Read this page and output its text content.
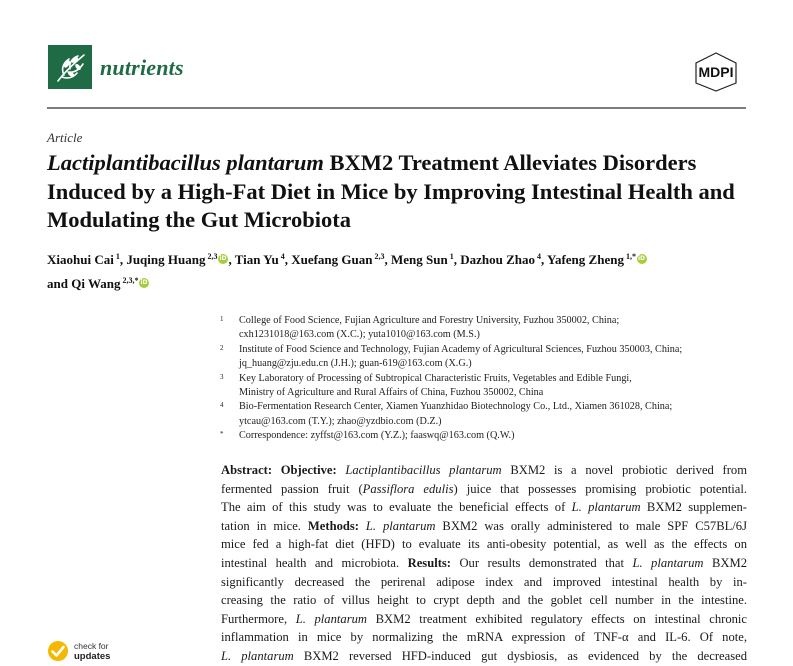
nutrients	MDPI
Article
Lactiplantibacillus plantarum BXM2 Treatment Alleviates Disorders Induced by a High-Fat Diet in Mice by Improving Intestinal Health and Modulating the Gut Microbiota
Xiaohui Cai $^1$, Juqing Huang $^{2,3}$iD , Tian Yu $^4$, Xuefang Guan $^{2,3}$, Meng Sun $^1$, Dazhou Zhao $^4$, Yafeng Zheng $^{1,*}$iD
and Qi Wang $^{2,3,*}$iD
1 College of Food Science, Fujian Agriculture and Forestry University, Fuzhou 350002, China;
cxh1231018@163.com (X.C.); yuta1010@163.com (M.S.)
2 Institute of Food Science and Technology, Fujian Academy of Agricultural Sciences, Fuzhou 350003, China;
jq_huang@zju.edu.cn (J.H.); guan-619@163.com (X.G.)
3 Key Laboratory of Processing of Subtropical Characteristic Fruits, Vegetables and Edible Fungi,
Ministry of Agriculture and Rural Affairs of China, Fuzhou 350002, China
4 Bio-Fermentation Research Center, Xiamen Yuanzhidao Biotechnology Co., Ltd., Xiamen 361028, China;
ytcau@163.com (T.Y.); zhao@yzdbio.com (D.Z.)
* Correspondence: zyffst@163.com (Y.Z.); faaswq@163.com (Q.W.)
Abstract: Objective: Lactiplantibacillus plantarum BXM2 is a novel probiotic derived from
fermented passion fruit (Passiflora edulis) juice that possesses promising probiotic potential.
The aim of this study was to evaluate the beneficial effects of L. plantarum BXM2 supplemen-
tation in mice. Methods: L. plantarum BXM2 was orally administered to male SPF C57BL/6J
mice fed a high-fat diet (HFD) to evaluate its anti-obesity potential, as well as the effects on
intestinal health and microbiota. Results: Our results demonstrated that L. plantarum BXM2
significantly decreased the perirenal adipose index and improved intestinal health by in-
creasing the ratio of villus height to crypt depth and the goblet cell number in the intestine.
Furthermore, L. plantarum BXM2 treatment exhibited regulatory effects on intestinal chronic
inflammation in mice by normalizing the mRNA expression of TNF-α and IL-6. Of note,
L. plantarum BXM2 reversed HFD-induced gut dysbiosis, as evidenced by the decreased
check for
updates
